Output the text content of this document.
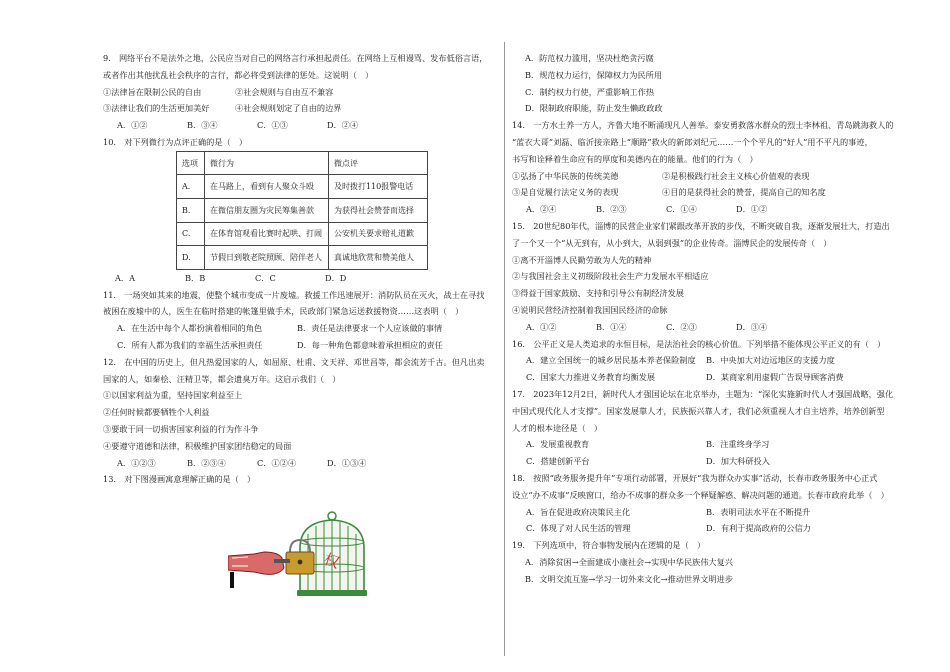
9.　网络平台不是法外之地，公民应当对自己的网络言行承担起责任。在网络上互相谩骂、发布低俗言语，
或者作出其他扰乱社会秩序的言行，都必将受到法律的惩处。这说明（　）
①法律旨在限制公民的自由	②社会规则与自由互不兼容
③法律让我们的生活更加美好	④社会规则划定了自由的边界
A．①②	B．③④	C．①③	D．②④
10.　对下列微行为点评正确的是（　）
选项	微行为	微点评
A.	在马路上，看到有人聚众斗殴	及时拨打110报警电话
B.	在微信朋友圈为灾民筹集善款	为获得社会赞誉而选择
C.	在体育馆观看比赛时起哄、打闹	公安机关要求赔礼道歉
D.	节假日到敬老院照顾、陪伴老人	真诚地欣赏和赞美他人
A．A	B．B	C．C	D．D
11.　一场突如其来的地震，使整个城市变成一片废墟。救援工作迅速展开：消防队员在灭火，战士在寻找
被困在废墟中的人，医生在临时搭建的帐篷里做手术，民政部门紧急运送救援物资……这表明（　）
A．在生活中每个人都扮演着相同的角色	B．责任是法律要求一个人应该做的事情
C．所有人都为我们的幸福生活承担责任	D．每一种角色都意味着承担相应的责任
12.　在中国的历史上，但凡热爱国家的人，如屈原、杜甫、文天祥、邓世昌等，都会流芳千古。但凡出卖
国家的人，如秦桧、汪精卫等，都会遗臭万年。这启示我们（　）
①以国家利益为重，坚持国家利益至上
②任何时候都要牺牲个人利益
③要敢于同一切损害国家利益的行为作斗争
④要遵守道德和法律，积极维护国家团结稳定的局面
A．①②③	B．②③④	C．①②④	D．①③④
13.　对下图漫画寓意理解正确的是（　）
权
A．防范权力滥用，坚决杜绝贪污腐
B．规范权力运行，保障权力为民所用
C．制约权力行使，严重影响工作热
D．限制政府职能，防止发生懒政政政
14.　一方水土养一方人，齐鲁大地不断涌现凡人善举。泰安勇救落水群众的烈士李林祖、青岛跳海救人的
“蓝衣大哥”刘磊、临沂接亲路上“顺路”救火的新郎刘纪元……一个个平凡的“好人”用不平凡的事迹，
书写和诠释着生命应有的厚度和美德内在的能量。他们的行为（　）
①弘扬了中华民族的传统美德	②是积极践行社会主义核心价值观的表现
③是自觉履行法定义务的表现	④目的是获得社会的赞誉，提高自己的知名度
A．②④	B．②③	C．①④	D．①②
15.　20世纪80年代，淄博的民营企业家们紧跟改革开放的步伐，不断突破自我，逐渐发展壮大，打造出
了一个又一个“从无到有，从小到大，从弱到强”的企业传奇。淄博民企的发展传奇（　）
①离不开淄博人民勤劳敢为人先的精神
②与我国社会主义初级阶段社会生产力发展水平相适应
③得益于国家鼓励、支持和引导公有制经济发展
④说明民营经济控制着我国国民经济的命脉
A．①②	B．①④	C．②③	D．③④
16.　公平正义是人类追求的永恒目标，是法治社会的核心价值。下列举措不能体现公平正义的有（　）
A．建立全国统一的城乡居民基本养老保险制度	B．中央加大对边远地区的支援力度
C．国家大力推进义务教育均衡发展	D．某商家利用虚假广告误导顾客消费
17.　2023年12月2日，新时代人才强国论坛在北京举办，主题为：“深化实施新时代人才强国战略，强化
中国式现代化人才支撑”。国家发展靠人才，民族振兴靠人才，我们必须重视人才自主培养，培养创新型
人才的根本途径是（　）
A．发展重视教育	B．注重终身学习
C．搭建创新平台	D．加大科研投入
18.　按照“政务服务提升年”专项行动部署，开展好“我为群众办实事”活动，长春市政务服务中心正式
设立“办不成事”反映窗口，给办不成事的群众多一个释疑解惑、解决问题的通道。长春市政府此举（　）
A．旨在促进政府决策民主化	B．表明司法水平在不断提升
C．体现了对人民生活的管理	D．有利于提高政府的公信力
19.　下列选项中，符合事物发展内在逻辑的是（　）
A．消除贫困→全面建成小康社会→实现中华民族伟大复兴
B．文明交流互鉴→学习一切外来文化→推动世界文明进步
